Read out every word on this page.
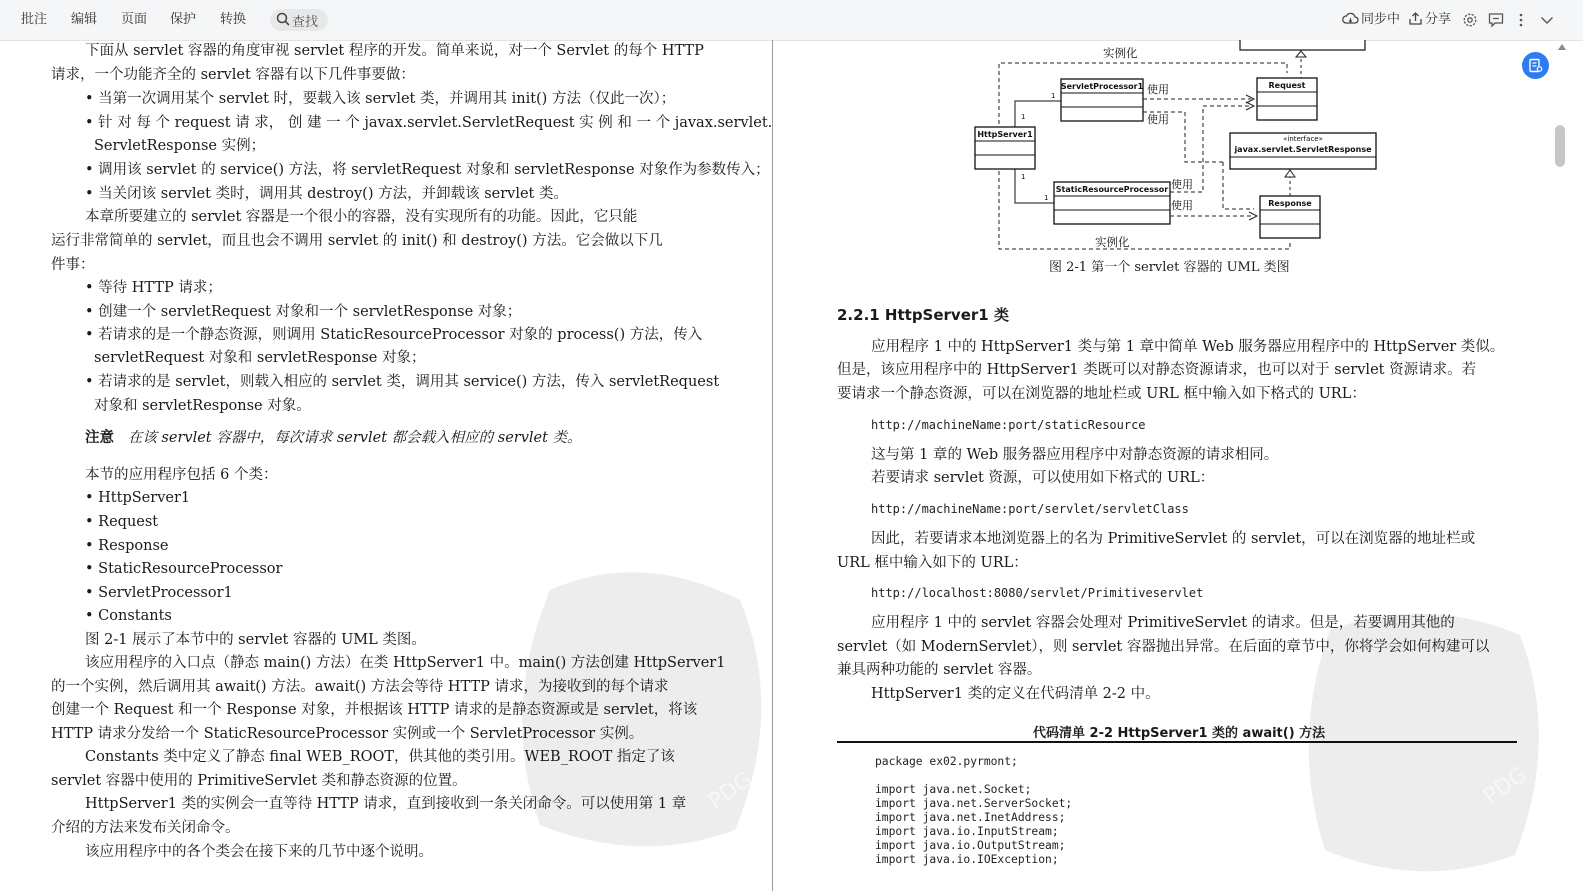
批注 编辑 页面 保护 转换	查找	同步中	分享
下面从 servlet 容器的角度审视 servlet 程序的开发。简单来说，对一个 Servlet 的每个 HTTP
请求，一个功能齐全的 servlet 容器有以下几件事要做：
• 当第一次调用某个 servlet 时，要载入该 servlet 类，并调用其 init() 方法（仅此一次）；
• 针 对 每 个 request 请 求， 创 建 一 个 javax.servlet.ServletRequest 实 例 和 一 个 javax.servlet.
ServletResponse 实例；
• 调用该 servlet 的 service() 方法，将 servletRequest 对象和 servletResponse 对象作为参数传入；
• 当关闭该 servlet 类时，调用其 destroy() 方法，并卸载该 servlet 类。
本章所要建立的 servlet 容器是一个很小的容器，没有实现所有的功能。因此，它只能
运行非常简单的 servlet，而且也会不调用 servlet 的 init() 和 destroy() 方法。它会做以下几
件事：
• 等待 HTTP 请求；
• 创建一个 servletRequest 对象和一个 servletResponse 对象；
• 若请求的是一个静态资源，则调用 StaticResourceProcessor 对象的 process() 方法，传入
servletRequest 对象和 servletResponse 对象；
• 若请求的是 servlet，则载入相应的 servlet 类，调用其 service() 方法，传入 servletRequest
对象和 servletResponse 对象。
注意 在该 servlet 容器中，每次请求 servlet 都会载入相应的 servlet 类。
本节的应用程序包括 6 个类：
• HttpServer1
• Request
• Response
• StaticResourceProcessor
• ServletProcessor1
• Constants
图 2-1 展示了本节中的 servlet 容器的 UML 类图。
该应用程序的入口点（静态 main() 方法）在类 HttpServer1 中。main() 方法创建 HttpServer1
的一个实例，然后调用其 await() 方法。await() 方法会等待 HTTP 请求，为接收到的每个请求
创建一个 Request 和一个 Response 对象，并根据该 HTTP 请求的是静态资源或是 servlet，将该
HTTP 请求分发给一个 StaticResourceProcessor 实例或一个 ServletProcessor 实例。
Constants 类中定义了静态 final WEB_ROOT，供其他的类引用。WEB_ROOT 指定了该
servlet 容器中使用的 PrimitiveServlet 类和静态资源的位置。
HttpServer1 类的实例会一直等待 HTTP 请求，直到接收到一条关闭命令。可以使用第 1 章
介绍的方法来发布关闭命令。
该应用程序中的各个类会在接下来的几节中逐个说明。
PDG
HttpServer1
ServletProcessor1
StaticResourceProcessor
Request
«interface»
javax.servlet.ServletResponse
Response
1
1
1
1
实例化
实例化
使用
使用
使用
使用
图 2-1 第一个 servlet 容器的 UML 类图
2.2.1 HttpServer1 类
应用程序 1 中的 HttpServer1 类与第 1 章中简单 Web 服务器应用程序中的 HttpServer 类似。
但是，该应用程序中的 HttpServer1 类既可以对静态资源请求，也可以对于 servlet 资源请求。若
要请求一个静态资源，可以在浏览器的地址栏或 URL 框中输入如下格式的 URL：
http://machineName:port/staticResource
这与第 1 章的 Web 服务器应用程序中对静态资源的请求相同。
若要请求 servlet 资源，可以使用如下格式的 URL：
http://machineName:port/servlet/servletClass
因此，若要请求本地浏览器上的名为 PrimitiveServlet 的 servlet，可以在浏览器的地址栏或
URL 框中输入如下的 URL：
http://localhost:8080/servlet/Primitiveservlet
应用程序 1 中的 servlet 容器会处理对 PrimitiveServlet 的请求。但是，若要调用其他的
servlet（如 ModernServlet），则 servlet 容器抛出异常。在后面的章节中，你将学会如何构建可以
兼具两种功能的 servlet 容器。
HttpServer1 类的定义在代码清单 2-2 中。
代码清单 2-2 HttpServer1 类的 await() 方法
package ex02.pyrmont;
import java.net.Socket;
import java.net.ServerSocket;
import java.net.InetAddress;
import java.io.InputStream;
import java.io.OutputStream;
import java.io.IOException;
PDG
